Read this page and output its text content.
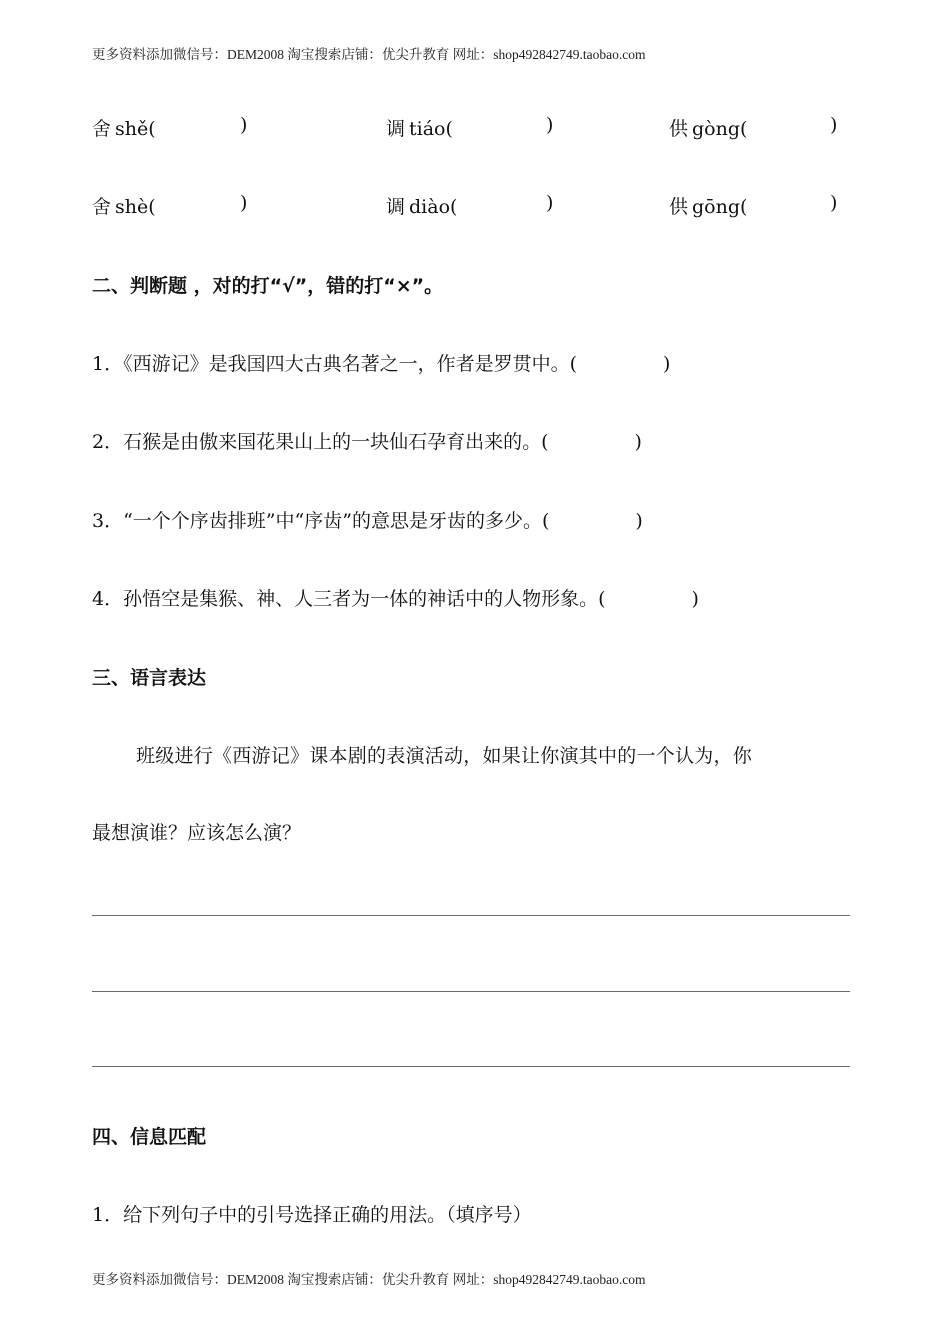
更多资料添加微信号：DEM2008 淘宝搜索店铺：优尖升教育 网址：shop492842749.taobao.com
舍 shě(	)	调 tiáo(	)	供 gòng(	)
舍 shè(	)	调 diào(	)	供 gōng(	)
二、判断题 ，对的打“√”，错的打“×”。
1．《西游记》是我国四大古典名著之一，作者是罗贯中。(	)
2．石猴是由傲来国花果山上的一块仙石孕育出来的。(	)
3．“一个个序齿排班”中“序齿”的意思是牙齿的多少。(	)
4．孙悟空是集猴、神、人三者为一体的神话中的人物形象。(	)
三、语言表达
班级进行《西游记》课本剧的表演活动，如果让你演其中的一个认为，你
最想演谁？应该怎么演？
四、信息匹配
1．给下列句子中的引号选择正确的用法。（填序号）
更多资料添加微信号：DEM2008 淘宝搜索店铺：优尖升教育 网址：shop492842749.taobao.com
